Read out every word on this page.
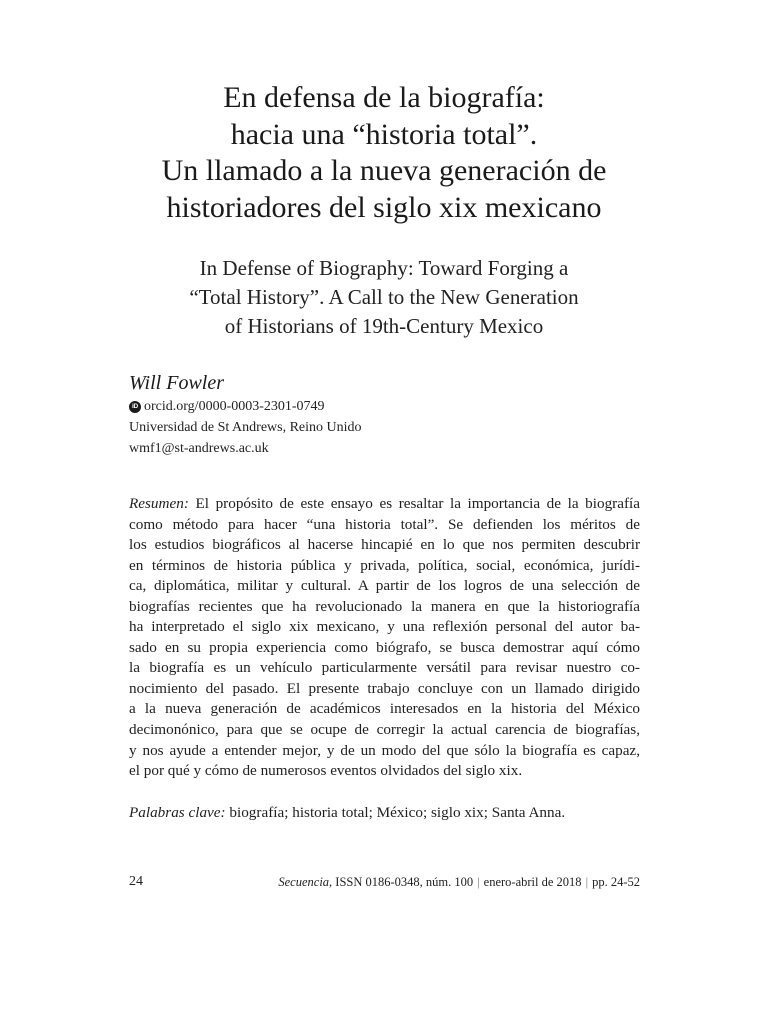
En defensa de la biografía:
hacia una “historia total”.
Un llamado a la nueva generación de
historiadores del siglo xix mexicano
In Defense of Biography: Toward Forging a
“Total History”. A Call to the New Generation
of Historians of 19th-Century Mexico
Will Fowler
iD orcid.org/0000-0003-2301-0749
Universidad de St Andrews, Reino Unido
wmf1@st-andrews.ac.uk
Resumen: El propósito de este ensayo es resaltar la importancia de la biografía
como método para hacer “una historia total”. Se defienden los méritos de
los estudios biográficos al hacerse hincapié en lo que nos permiten descubrir
en términos de historia pública y privada, política, social, económica, jurídi-
ca, diplomática, militar y cultural. A partir de los logros de una selección de
biografías recientes que ha revolucionado la manera en que la historiografía
ha interpretado el siglo xix mexicano, y una reflexión personal del autor ba-
sado en su propia experiencia como biógrafo, se busca demostrar aquí cómo
la biografía es un vehículo particularmente versátil para revisar nuestro co-
nocimiento del pasado. El presente trabajo concluye con un llamado dirigido
a la nueva generación de académicos interesados en la historia del México
decimonónico, para que se ocupe de corregir la actual carencia de biografías,
y nos ayude a entender mejor, y de un modo del que sólo la biografía es capaz,
el por qué y cómo de numerosos eventos olvidados del siglo xix.
Palabras clave: biografía; historia total; México; siglo xix; Santa Anna.
24	Secuencia, ISSN 0186-0348, núm. 100 | enero-abril de 2018 | pp. 24-52
